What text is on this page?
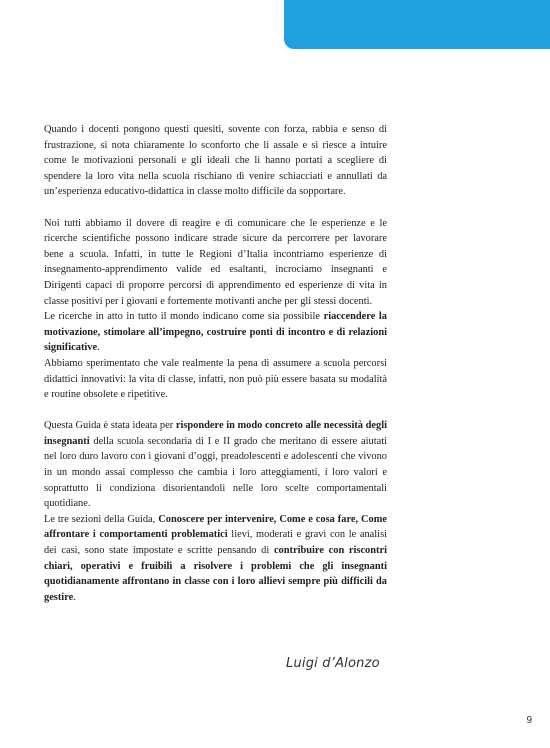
Quando i docenti pongono questi quesiti, sovente con forza, rabbia e senso di frustrazione, si nota chiaramente lo sconforto che li assale e si riesce a intuire come le motivazioni personali e gli ideali che li hanno portati a scegliere di spendere la loro vita nella scuola rischiano di venire schiacciati e annullati da un’esperienza educativo-didattica in classe molto difficile da sopportare.

Noi tutti abbiamo il dovere di reagire e di comunicare che le esperienze e le ricerche scientifiche possono indicare strade sicure da percorrere per lavorare bene a scuola. Infatti, in tutte le Regioni d’Italia incontriamo esperienze di insegnamento-apprendimento valide ed esaltanti, incrociamo insegnanti e Dirigenti capaci di proporre percorsi di apprendimento ed esperienze di vita in classe positivi per i giovani e fortemente motivanti anche per gli stessi docenti.

Le ricerche in atto in tutto il mondo indicano come sia possibile riaccendere la motivazione, stimolare all’impegno, costruire ponti di incontro e di relazioni significative.

Abbiamo sperimentato che vale realmente la pena di assumere a scuola percorsi didattici innovativi: la vita di classe, infatti, non può più essere basata su modalità e routine obsolete e ripetitive.

Questa Guida è stata ideata per rispondere in modo concreto alle necessità degli insegnanti della scuola secondaria di I e II grado che meritano di essere aiutati nel loro duro lavoro con i giovani d’oggi, preadolescenti e adolescenti che vivono in un mondo assai complesso che cambia i loro atteggiamenti, i loro valori e soprattutto li condiziona disorientandoli nelle loro scelte comportamentali quotidiane.

Le tre sezioni della Guida, Conoscere per intervenire, Come e cosa fare, Come affrontare i comportamenti problematici lievi, moderati e gravi con le analisi dei casi, sono state impostate e scritte pensando di contribuire con riscontri chiari, operativi e fruibili a risolvere i problemi che gli insegnanti quotidianamente affrontano in classe con i loro allievi sempre più difficili da gestire.

Luigi d’Alonzo
9
